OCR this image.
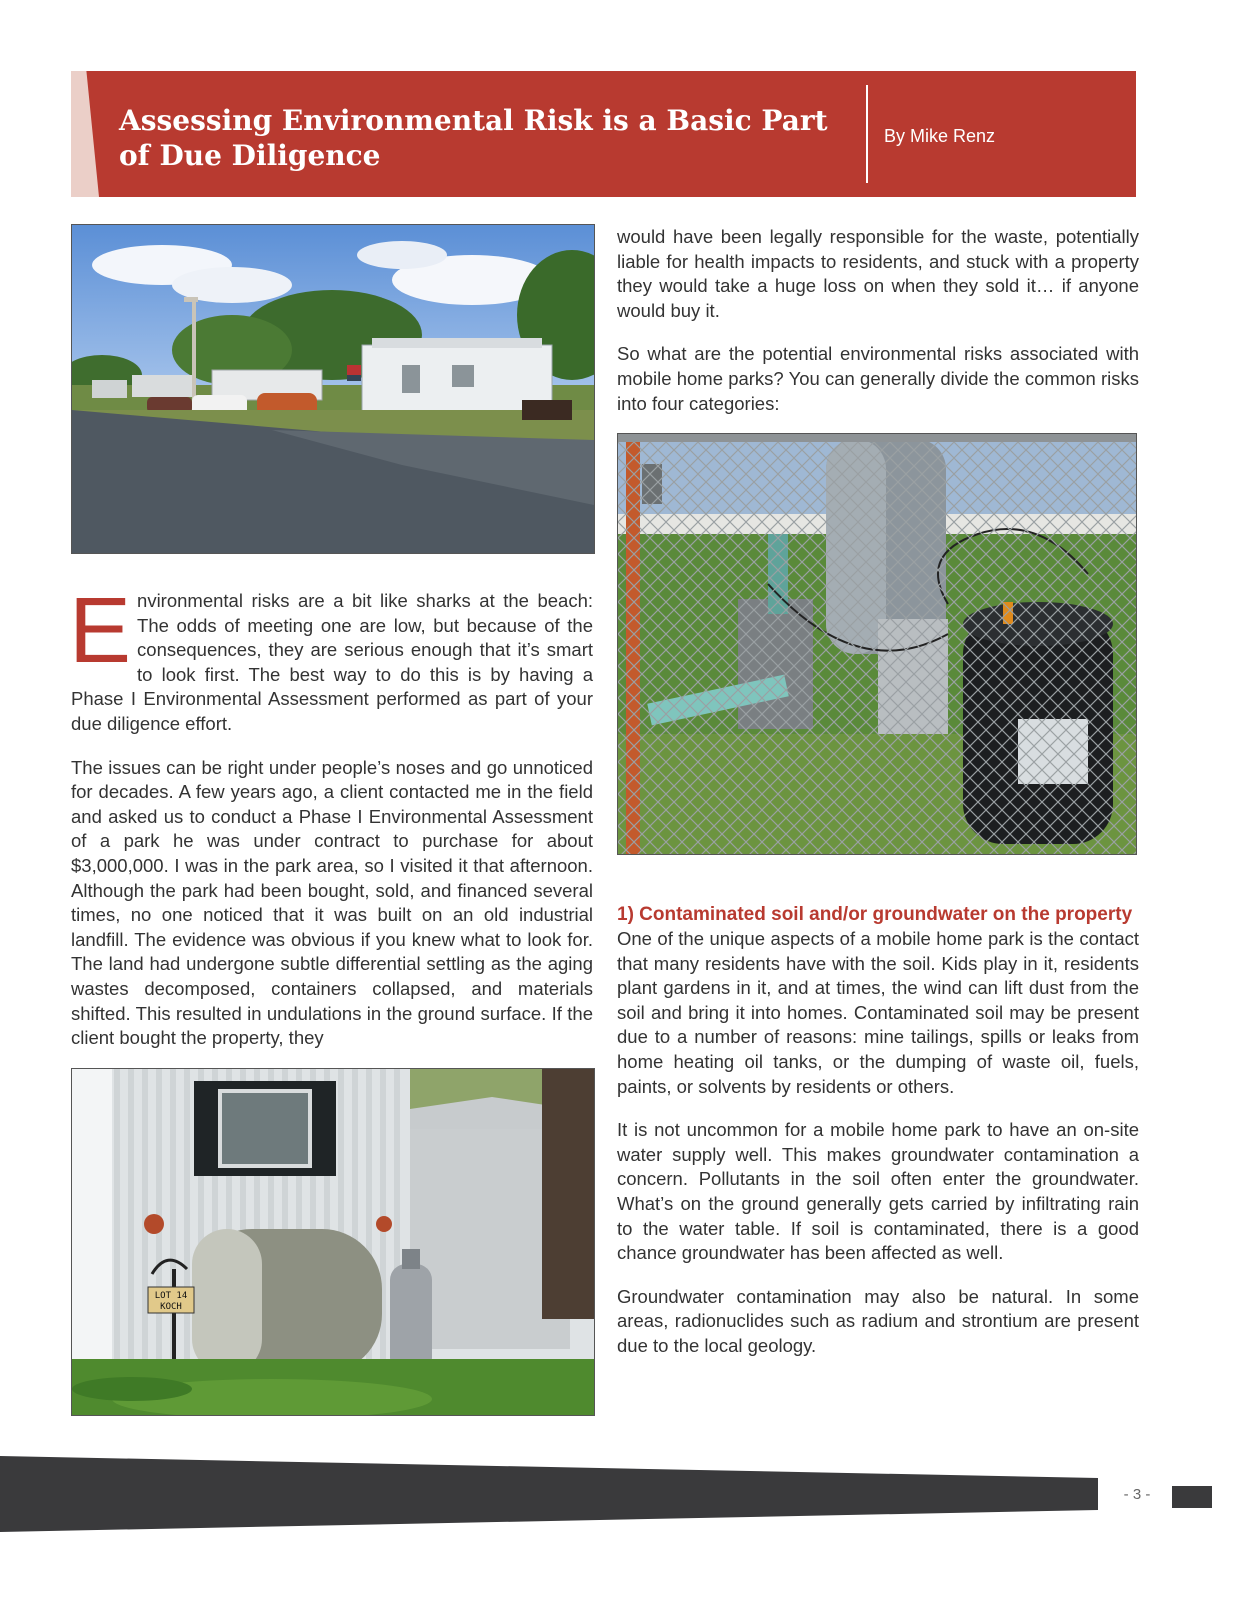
Assessing Environmental Risk is a Basic Part of Due Diligence
By Mike Renz

Environmental risks are a bit like sharks at the beach: The odds of meeting one are low, but because of the consequences, they are serious enough that it’s smart to look first. The best way to do this is by having a Phase I Environmental Assessment performed as part of your due diligence effort.

The issues can be right under people’s noses and go unnoticed for decades. A few years ago, a client contacted me in the field and asked us to conduct a Phase I Environmental Assessment of a park he was under contract to purchase for about $3,000,000. I was in the park area, so I visited it that afternoon. Although the park had been bought, sold, and financed several times, no one noticed that it was built on an old industrial landfill. The evidence was obvious if you knew what to look for. The land had undergone subtle differential settling as the aging wastes decomposed, containers collapsed, and materials shifted. This resulted in undulations in the ground surface. If the client bought the property, they

LOT 14
KOCH

would have been legally responsible for the waste, potentially liable for health impacts to residents, and stuck with a property they would take a huge loss on when they sold it… if anyone would buy it.

So what are the potential environmental risks associated with mobile home parks? You can generally divide the common risks into four categories:

1) Contaminated soil and/or groundwater on the property

One of the unique aspects of a mobile home park is the contact that many residents have with the soil. Kids play in it, residents plant gardens in it, and at times, the wind can lift dust from the soil and bring it into homes. Contaminated soil may be present due to a number of reasons: mine tailings, spills or leaks from home heating oil tanks, or the dumping of waste oil, fuels, paints, or solvents by residents or others.

It is not uncommon for a mobile home park to have an on-site water supply well. This makes groundwater contamination a concern. Pollutants in the soil often enter the groundwater. What’s on the ground generally gets carried by infiltrating rain to the water table. If soil is contaminated, there is a good chance groundwater has been affected as well.

Groundwater contamination may also be natural. In some areas, radionuclides such as radium and strontium are present due to the local geology.

- 3 -
